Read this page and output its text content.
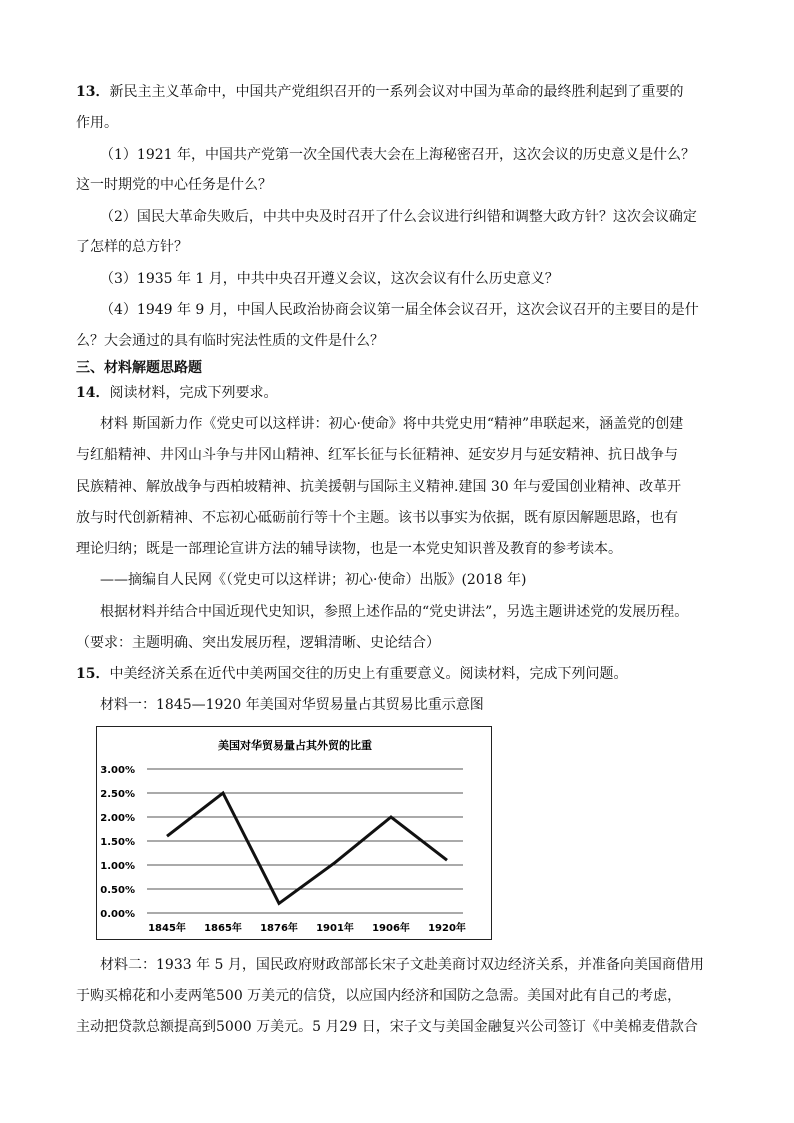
13．新民主主义革命中，中国共产党组织召开的一系列会议对中国为革命的最终胜利起到了重要的
作用。
（1）1921 年，中国共产党第一次全国代表大会在上海秘密召开，这次会议的历史意义是什么？
这一时期党的中心任务是什么？
（2）国民大革命失败后，中共中央及时召开了什么会议进行纠错和调整大政方针？这次会议确定
了怎样的总方针？
（3）1935 年 1 月，中共中央召开遵义会议，这次会议有什么历史意义？
（4）1949 年 9 月，中国人民政治协商会议第一届全体会议召开，这次会议召开的主要目的是什
么？大会通过的具有临时宪法性质的文件是什么？
三、材料解题思路题
14．阅读材料，完成下列要求。
材料 斯国新力作《党史可以这样讲：初心·使命》将中共党史用“精神”串联起来，涵盖党的创建
与红船精神、井冈山斗争与井冈山精神、红军长征与长征精神、延安岁月与延安精神、抗日战争与
民族精神、解放战争与西柏坡精神、抗美援朝与国际主义精神.建国 30 年与爱国创业精神、改革开
放与时代创新精神、不忘初心砥砺前行等十个主题。该书以事实为依据，既有原因解题思路，也有
理论归纳；既是一部理论宣讲方法的辅导读物，也是一本党史知识普及教育的参考读本。
——摘编自人民网《（党史可以这样讲；初心·使命）出版》(2018 年)
根据材料并结合中国近现代史知识，参照上述作品的“党史讲法”，另选主题讲述党的发展历程。
（要求：主题明确、突出发展历程，逻辑清晰、史论结合）
15．中美经济关系在近代中美两国交往的历史上有重要意义。阅读材料，完成下列问题。
材料一：1845—1920 年美国对华贸易量占其贸易比重示意图
美国对华贸易量占其外贸的比重
3.00%
2.50%
2.00%
1.50%
1.00%
0.50%
0.00%
1845年 1865年 1876年 1901年 1906年 1920年
材料二：1933 年 5 月，国民政府财政部部长宋子文赴美商讨双边经济关系，并准备向美国商借用
于购买棉花和小麦两笔500 万美元的信贷，以应国内经济和国防之急需。美国对此有自己的考虑，
主动把贷款总额提高到5000 万美元。5 月29 日，宋子文与美国金融复兴公司签订《中美棉麦借款合
